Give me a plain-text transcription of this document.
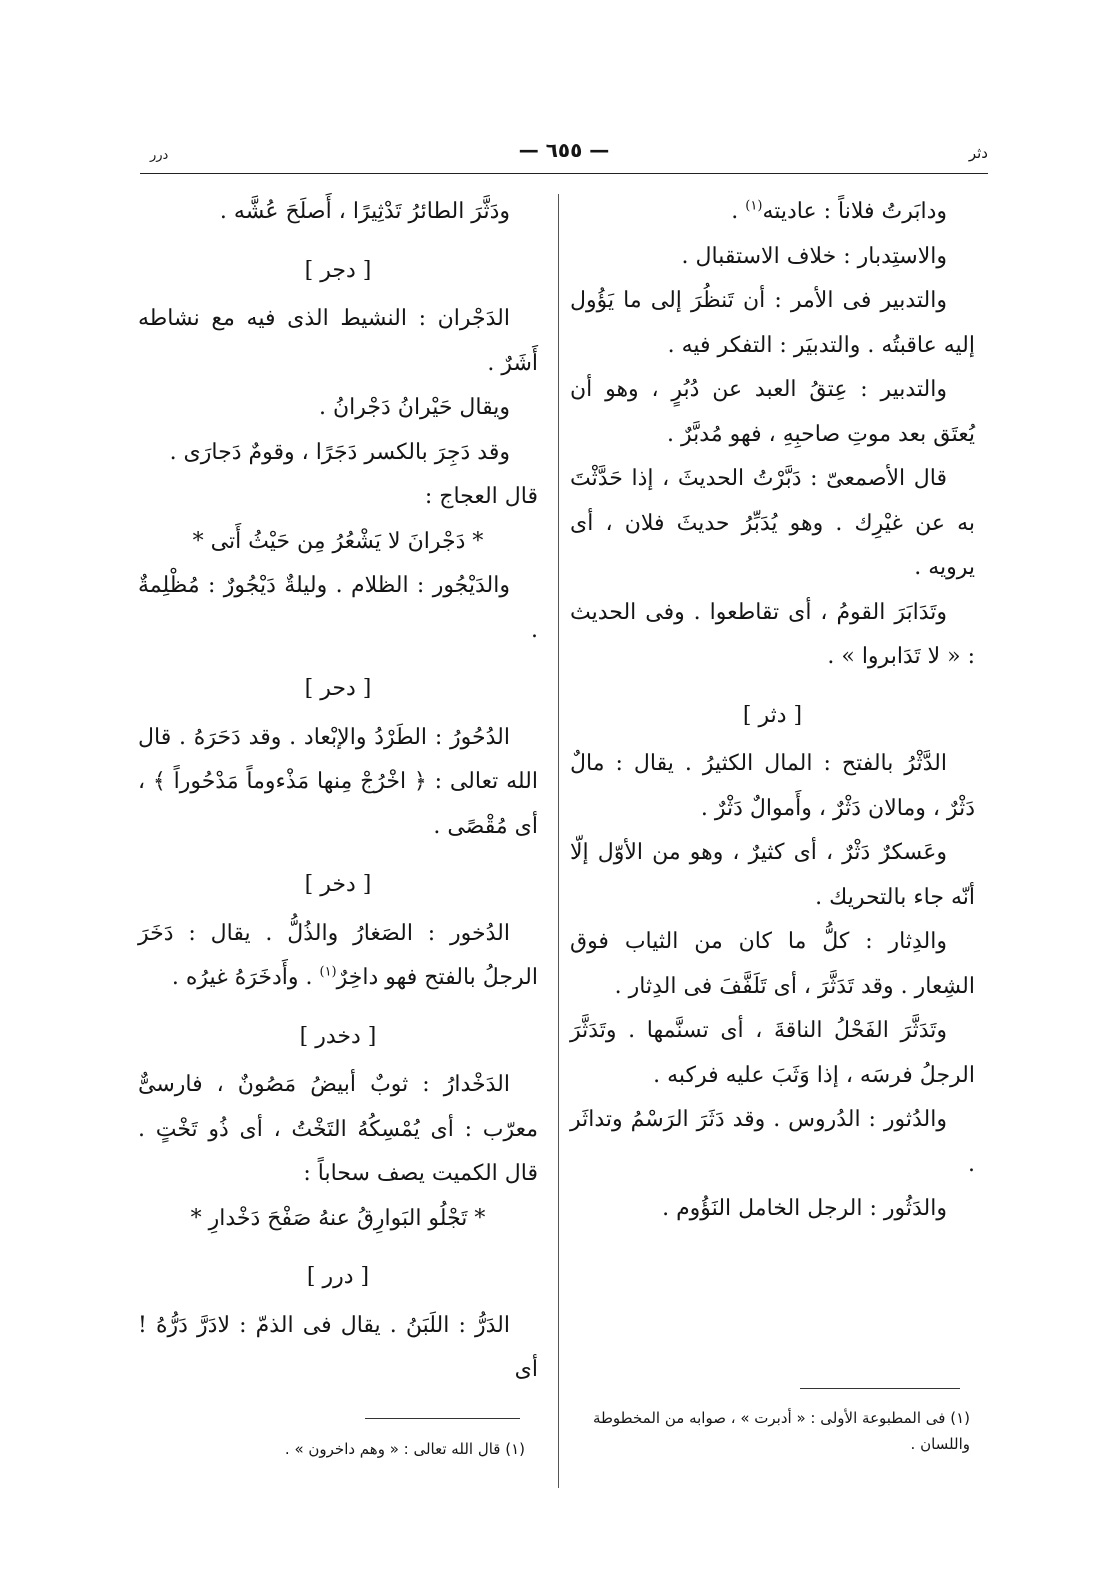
دثر
— ٦٥٥ —
درر

ودابَرتُ فلاناً : عاديته$^{(١)}$ .

والاستِدبار : خلاف الاستقبال .

والتدبير فى الأمر : أن تَنظُرَ إلى ما يَؤُول إليه عاقبتُه . والتدبيَر : التفكر فيه .

والتدبير : عِتقُ العبد عن دُبُرٍ ، وهو أن يُعتَق بعد موتِ صاحبِهِ ، فهو مُدبَّرٌ .

قال الأصمعىّ : دَبَّرْتُ الحديثَ ، إذا حَدَّثْتَ به عن غيْرِك . وهو يُدَبِّرُ حديثَ فلان ، أى يرويه .

وتَدَابَرَ القومُ ، أى تقاطعوا . وفى الحديث : « لا تَدَابروا » .

[ دثر ]

الدَّثْرُ بالفتح : المال الكثيرُ . يقال : مالٌ دَثْرٌ ، ومالان دَثْرٌ ، وأَموالٌ دَثْرٌ .

وعَسكرٌ دَثْرٌ ، أى كثيرٌ ، وهو من الأوّل إلّا أنّه جاء بالتحريك .

والدِثار : كلُّ ما كان من الثياب فوق الشِعار . وقد تَدَثَّرَ ، أى تَلَفَّفَ فى الدِثار .

وتَدَثَّرَ الفَحْلُ الناقةَ ، أى تسنَّمها . وتَدَثَّرَ الرجلُ فرسَه ، إذا وَثَبَ عليه فركبه .

والدُثور : الدُروس . وقد دَثَرَ الرَسْمُ وتداثَر .

والدَثُور : الرجل الخامل النَؤُوم .

ودَثَّرَ الطائرُ تَدْثِيرًا ، أَصلَحَ عُشَّه .

[ دجر ]

الدَجْران : النشيط الذى فيه مع نشاطه أَشَرٌ .

ويقال حَيْرانُ دَجْرانُ .

وقد دَجِرَ بالكسر دَجَرًا ، وقومٌ دَجارَى .

قال العجاج :

* دَجْرانَ لا يَشْعُرُ مِن حَيْثُ أَتى *

والدَيْجُور : الظلام . وليلةٌ دَيْجُورٌ : مُظْلِمةٌ .

[ دحر ]

الدُحُورُ : الطَرْدُ والإبْعاد . وقد دَحَرَهُ . قال الله تعالى : ﴿ اخْرُجْ مِنها مَذْءوماً مَدْحُوراً ﴾ ، أى مُقْصًى .

[ دخر ]

الدُخور : الصَغارُ والذُلُّ . يقال : دَخَرَ الرجلُ بالفتح فهو داخِرٌ$^{(١)}$ . وأَدخَرَهُ غيرُه .

[ دخدر ]

الدَخْدارُ : ثوبٌ أبيضُ مَصُونٌ ، فارسىٌّ معرّب : أى يُمْسِكُهُ التَخْتُ ، أى ذُو تَخْتٍ . قال الكميت يصف سحاباً :

* تَجْلُو البَوارِقُ عنهُ صَفْحَ دَخْدارِ *

[ درر ]

الدَرُّ : اللَبَنُ . يقال فى الذمّ : لادَرَّ دَرُّهُ ! أى

(١) فى المطبوعة الأولى : « أدبرت » ، صوابه من المخطوطة واللسان .
(١) قال الله تعالى : « وهم داخرون » .
